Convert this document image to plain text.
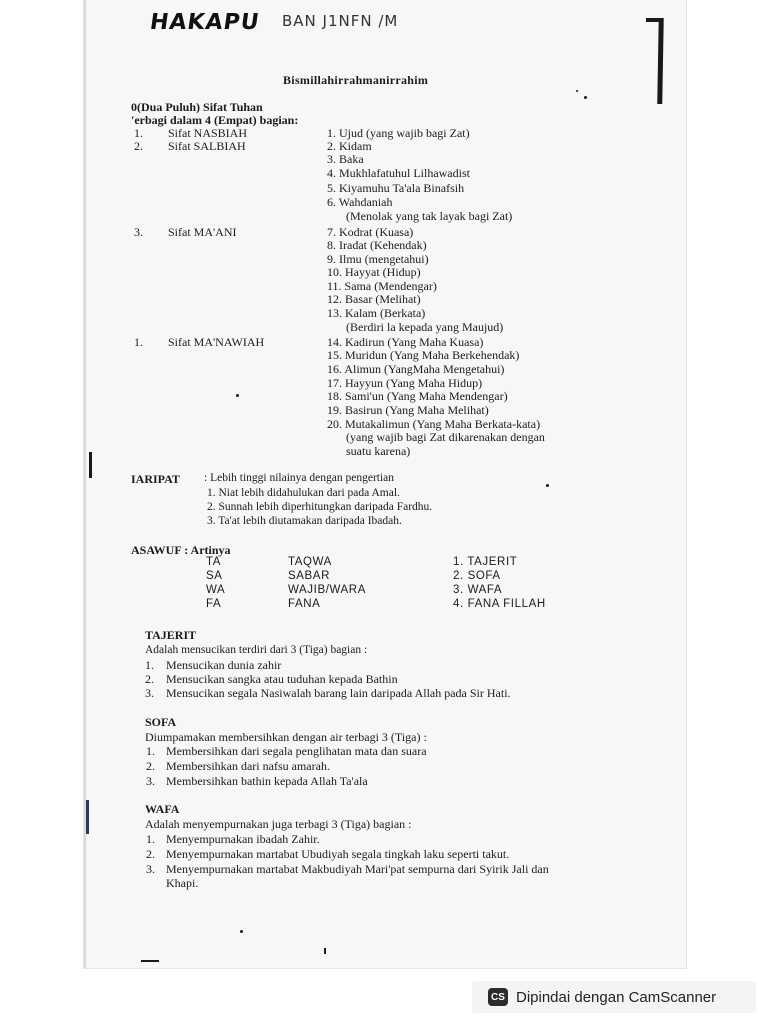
HAKAPU BAN J1NFN /M
Bismillahirrahmanirrahim
0(Dua Puluh) Sifat Tuhan
'erbagi dalam 4 (Empat) bagian:
1. Sifat NASBIAH
2. Sifat SALBIAH
3. Sifat MA'ANI
1. Sifat MA'NAWIAH
1. Ujud (yang wajib bagi Zat)
2. Kidam
3. Baka
4. Mukhlafatuhul Lilhawadist
5. Kiyamuhu Ta'ala Binafsih
6. Wahdaniah
(Menolak yang tak layak bagi Zat)
7. Kodrat (Kuasa)
8. Iradat (Kehendak)
9. Ilmu (mengetahui)
10. Hayyat (Hidup)
11. Sama (Mendengar)
12. Basar (Melihat)
13. Kalam (Berkata)
(Berdiri la kepada yang Maujud)
14. Kadirun (Yang Maha Kuasa)
15. Muridun (Yang Maha Berkehendak)
16. Alimun (YangMaha Mengetahui)
17. Hayyun (Yang Maha Hidup)
18. Sami'un (Yang Maha Mendengar)
19. Basirun (Yang Maha Melihat)
20. Mutakalimun (Yang Maha Berkata-kata)
(yang wajib bagi Zat dikarenakan dengan
suatu karena)
IARIPAT : Lebih tinggi nilainya dengan pengertian
1. Niat lebih didahulukan dari pada Amal.
2. Sunnah lebih diperhitungkan daripada Fardhu.
3. Ta'at lebih diutamakan daripada Ibadah.
ASAWUF : Artinya
TA
SA
WA
FA
TAQWA
SABAR
WAJIB/WARA
FANA
1. TAJERIT
2. SOFA
3. WAFA
4. FANA FILLAH
TAJERIT
Adalah mensucikan terdiri dari 3 (Tiga) bagian :
1. Mensucikan dunia zahir
2. Mensucikan sangka atau tuduhan kepada Bathin
3. Mensucikan segala Nasiwalah barang lain daripada Allah pada Sir Hati.
SOFA
Diumpamakan membersihkan dengan air terbagi 3 (Tiga) :
1. Membersihkan dari segala penglihatan mata dan suara
2. Membersihkan dari nafsu amarah.
3. Membersihkan bathin kepada Allah Ta'ala
WAFA
Adalah menyempurnakan juga terbagi 3 (Tiga) bagian :
1. Menyempurnakan ibadah Zahir.
2. Menyempurnakan martabat Ubudiyah segala tingkah laku seperti takut.
3. Menyempurnakan martabat Makbudiyah Mari'pat sempurna dari Syirik Jali dan
Khapi.
CS Dipindai dengan CamScanner
